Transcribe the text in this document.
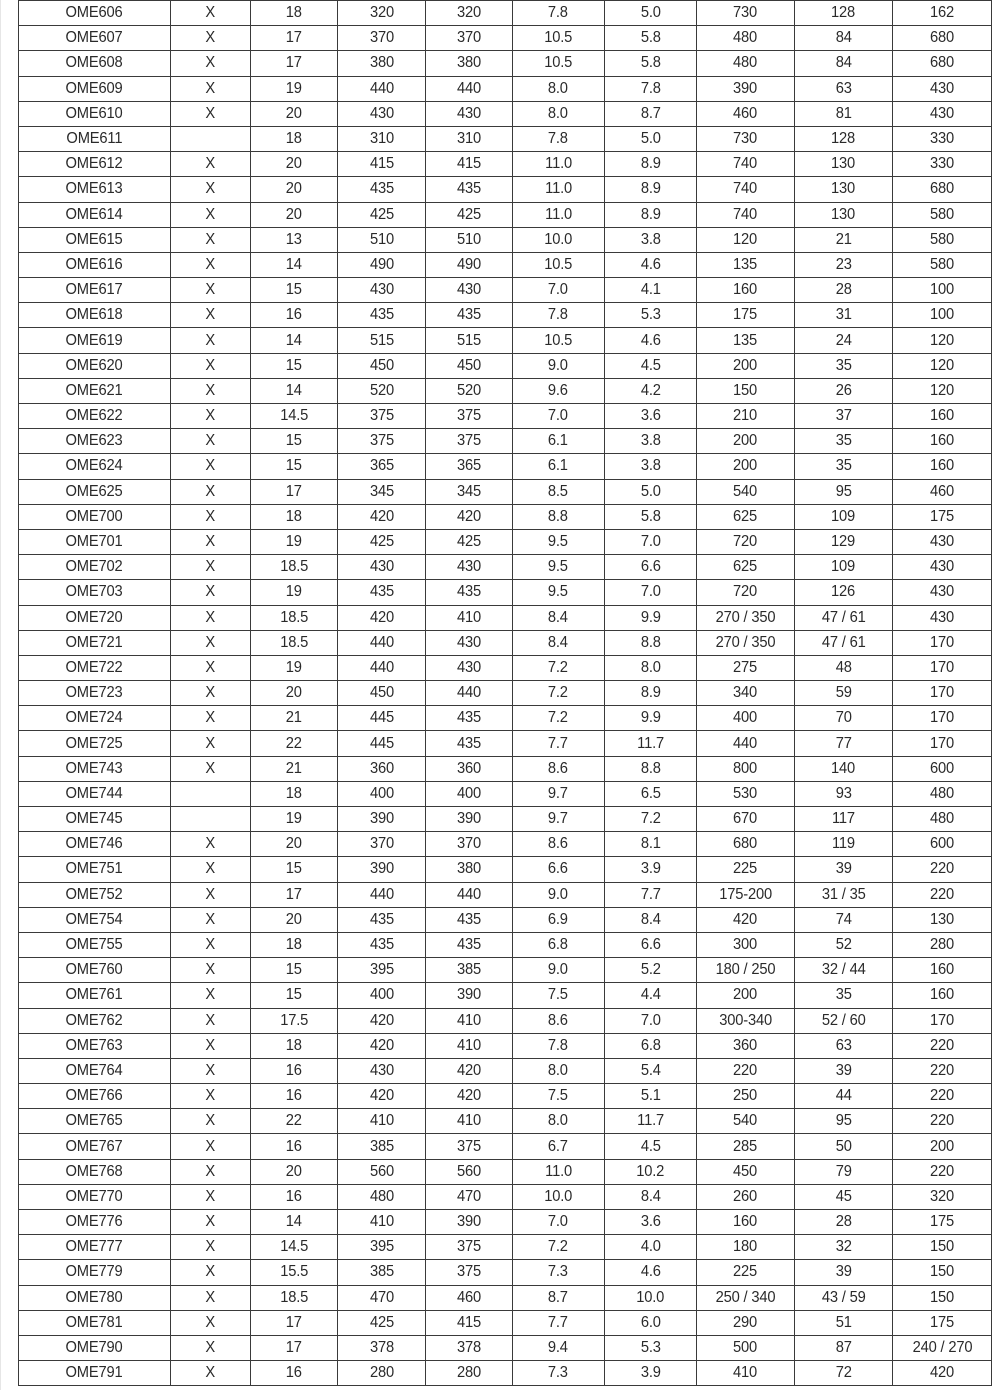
OME606	X	18	320	320	7.8	5.0	730	128	162
OME607	X	17	370	370	10.5	5.8	480	84	680
OME608	X	17	380	380	10.5	5.8	480	84	680
OME609	X	19	440	440	8.0	7.8	390	63	430
OME610	X	20	430	430	8.0	8.7	460	81	430
OME611		18	310	310	7.8	5.0	730	128	330
OME612	X	20	415	415	11.0	8.9	740	130	330
OME613	X	20	435	435	11.0	8.9	740	130	680
OME614	X	20	425	425	11.0	8.9	740	130	580
OME615	X	13	510	510	10.0	3.8	120	21	580
OME616	X	14	490	490	10.5	4.6	135	23	580
OME617	X	15	430	430	7.0	4.1	160	28	100
OME618	X	16	435	435	7.8	5.3	175	31	100
OME619	X	14	515	515	10.5	4.6	135	24	120
OME620	X	15	450	450	9.0	4.5	200	35	120
OME621	X	14	520	520	9.6	4.2	150	26	120
OME622	X	14.5	375	375	7.0	3.6	210	37	160
OME623	X	15	375	375	6.1	3.8	200	35	160
OME624	X	15	365	365	6.1	3.8	200	35	160
OME625	X	17	345	345	8.5	5.0	540	95	460
OME700	X	18	420	420	8.8	5.8	625	109	175
OME701	X	19	425	425	9.5	7.0	720	129	430
OME702	X	18.5	430	430	9.5	6.6	625	109	430
OME703	X	19	435	435	9.5	7.0	720	126	430
OME720	X	18.5	420	410	8.4	9.9	270 / 350	47 / 61	430
OME721	X	18.5	440	430	8.4	8.8	270 / 350	47 / 61	170
OME722	X	19	440	430	7.2	8.0	275	48	170
OME723	X	20	450	440	7.2	8.9	340	59	170
OME724	X	21	445	435	7.2	9.9	400	70	170
OME725	X	22	445	435	7.7	11.7	440	77	170
OME743	X	21	360	360	8.6	8.8	800	140	600
OME744		18	400	400	9.7	6.5	530	93	480
OME745		19	390	390	9.7	7.2	670	117	480
OME746	X	20	370	370	8.6	8.1	680	119	600
OME751	X	15	390	380	6.6	3.9	225	39	220
OME752	X	17	440	440	9.0	7.7	175-200	31 / 35	220
OME754	X	20	435	435	6.9	8.4	420	74	130
OME755	X	18	435	435	6.8	6.6	300	52	280
OME760	X	15	395	385	9.0	5.2	180 / 250	32 / 44	160
OME761	X	15	400	390	7.5	4.4	200	35	160
OME762	X	17.5	420	410	8.6	7.0	300-340	52 / 60	170
OME763	X	18	420	410	7.8	6.8	360	63	220
OME764	X	16	430	420	8.0	5.4	220	39	220
OME766	X	16	420	420	7.5	5.1	250	44	220
OME765	X	22	410	410	8.0	11.7	540	95	220
OME767	X	16	385	375	6.7	4.5	285	50	200
OME768	X	20	560	560	11.0	10.2	450	79	220
OME770	X	16	480	470	10.0	8.4	260	45	320
OME776	X	14	410	390	7.0	3.6	160	28	175
OME777	X	14.5	395	375	7.2	4.0	180	32	150
OME779	X	15.5	385	375	7.3	4.6	225	39	150
OME780	X	18.5	470	460	8.7	10.0	250 / 340	43 / 59	150
OME781	X	17	425	415	7.7	6.0	290	51	175
OME790	X	17	378	378	9.4	5.3	500	87	240 / 270
OME791	X	16	280	280	7.3	3.9	410	72	420
